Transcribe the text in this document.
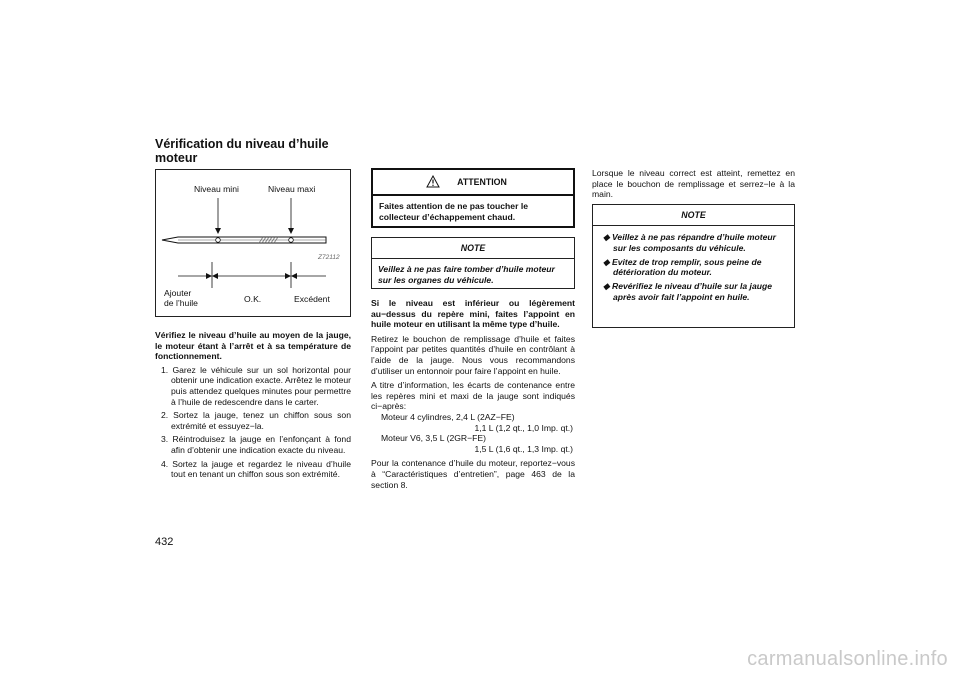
Vérification du niveau d’huile
moteur
Niveau mini	Niveau maxi
Ajouter
de l’huile	O.K.	Excédent
Z72112

Vérifiez le niveau d’huile au moyen de la jauge, le moteur étant à l’arrêt et à sa température de fonctionnement.

1. Garez le véhicule sur un sol horizontal pour obtenir une indication exacte. Arrêtez le moteur puis attendez quelques minutes pour permettre à l’huile de redescendre dans le carter.

2. Sortez la jauge, tenez un chiffon sous son extrémité et essuyez−la.

3. Réintroduisez la jauge en l’enfonçant à fond afin d’obtenir une indication exacte du niveau.

4. Sortez la jauge et regardez le niveau d’huile tout en tenant un chiffon sous son extrémité.

ATTENTION
Faites attention de ne pas toucher le collecteur d’échappement chaud.
NOTE
Veillez à ne pas faire tomber d’huile moteur sur les organes du véhicule.

Si le niveau est inférieur ou légèrement au−dessus du repère mini, faites l’appoint en huile moteur en utilisant la même type d’huile.

Retirez le bouchon de remplissage d’huile et faites l’appoint par petites quantités d’huile en contrôlant à l’aide de la jauge. Nous vous recommandons d’utiliser un entonnoir pour faire l’appoint en huile.

A titre d’information, les écarts de contenance entre les repères mini et maxi de la jauge sont indiqués ci−après:

Moteur 4 cylindres, 2,4 L (2AZ−FE)

1,1 L (1,2 qt., 1,0 Imp. qt.)

Moteur V6, 3,5 L (2GR−FE)

1,5 L (1,6 qt., 1,3 Imp. qt.)

Pour la contenance d’huile du moteur, reportez−vous à “Caractéristiques d’entretien”, page 463 de la section 8.

Lorsque le niveau correct est atteint, remettez en place le bouchon de remplissage et serrez−le à la main.

NOTE

◆ Veillez à ne pas répandre d’huile moteur sur les composants du véhicule.

◆ Evitez de trop remplir, sous peine de détérioration du moteur.

◆ Revérifiez le niveau d’huile sur la jauge après avoir fait l’appoint en huile.

432
carmanualsonline.info
